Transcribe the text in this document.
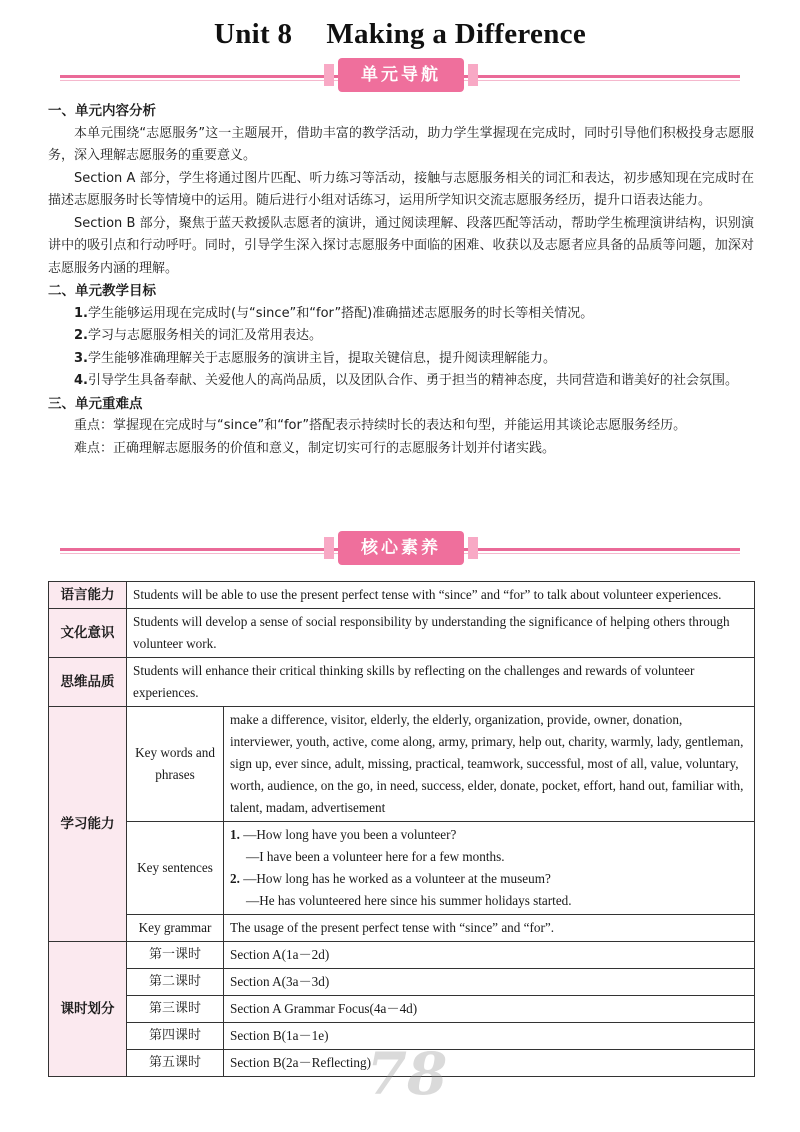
Unit 8 Making a Difference
单元导航
一、单元内容分析

本单元围绕“志愿服务”这一主题展开，借助丰富的教学活动，助力学生掌握现在完成时，同时引导他们积极投身志愿服务，深入理解志愿服务的重要意义。

Section A 部分，学生将通过图片匹配、听力练习等活动，接触与志愿服务相关的词汇和表达，初步感知现在完成时在描述志愿服务时长等情境中的运用。随后进行小组对话练习，运用所学知识交流志愿服务经历，提升口语表达能力。

Section B 部分，聚焦于蓝天救援队志愿者的演讲，通过阅读理解、段落匹配等活动，帮助学生梳理演讲结构，识别演讲中的吸引点和行动呼吁。同时，引导学生深入探讨志愿服务中面临的困难、收获以及志愿者应具备的品质等问题，加深对志愿服务内涵的理解。

二、单元教学目标
1.学生能够运用现在完成时(与“since”和“for”搭配)准确描述志愿服务的时长等相关情况。
2.学习与志愿服务相关的词汇及常用表达。
3.学生能够准确理解关于志愿服务的演讲主旨，提取关键信息，提升阅读理解能力。

4.引导学生具备奉献、关爱他人的高尚品质，以及团队合作、勇于担当的精神态度，共同营造和谐美好的社会氛围。

三、单元重难点

重点：掌握现在完成时与“since”和“for”搭配表示持续时长的表达和句型，并能运用其谈论志愿服务经历。

难点：正确理解志愿服务的价值和意义，制定切实可行的志愿服务计划并付诸实践。

核心素养
语言能力	Students will be able to use the present perfect tense with “since” and “for” to talk about volunteer experiences.	
文化意识	Students will develop a sense of social responsibility by understanding the significance of helping others through volunteer work.	
思维品质	Students will enhance their critical thinking skills by reflecting on the challenges and rewards of volunteer experiences.	
学习能力	Key words and phrases	make a difference, visitor, elderly, the elderly, organization, provide, owner, donation, interviewer, youth, active, come along, army, primary, help out, charity, warmly, lady, gentleman, sign up, ever since, adult, missing, practical, teamwork, successful, most of all, value, voluntary, worth, audience, on the go, in need, success, elder, donate, pocket, effort, hand out, familiar with, talent, madam, advertisement
	Key sentences	1. —How long have you been a volunteer?
—I have been a volunteer here for a few months.
2. —How long has he worked as a volunteer at the museum?
—He has volunteered here since his summer holidays started.

	Key grammar	The usage of the present perfect tense with “since” and “for”.
课时划分	第一课时	Section A(1a－2d)
	第二课时	Section A(3a－3d)
	第三课时	Section A Grammar Focus(4a－4d)
	第四课时	Section B(1a－1e)
	第五课时	Section B(2a－Reflecting)
78
